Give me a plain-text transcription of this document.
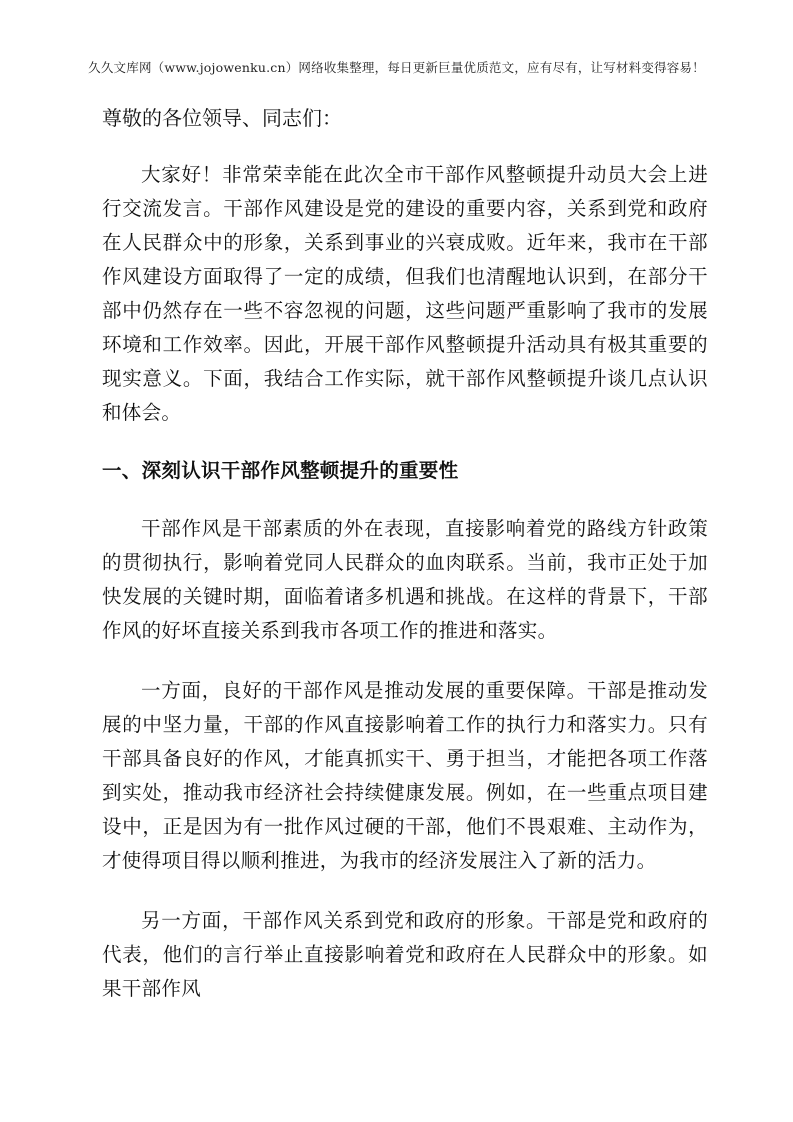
久久文库网（www.jojowenku.cn）网络收集整理，每日更新巨量优质范文，应有尽有，让写材料变得容易！

尊敬的各位领导、同志们：

大家好！非常荣幸能在此次全市干部作风整顿提升动员大会上进行交流发言。干部作风建设是党的建设的重要内容，关系到党和政府在人民群众中的形象，关系到事业的兴衰成败。近年来，我市在干部作风建设方面取得了一定的成绩，但我们也清醒地认识到，在部分干部中仍然存在一些不容忽视的问题，这些问题严重影响了我市的发展环境和工作效率。因此，开展干部作风整顿提升活动具有极其重要的现实意义。下面，我结合工作实际，就干部作风整顿提升谈几点认识和体会。

一、深刻认识干部作风整顿提升的重要性

干部作风是干部素质的外在表现，直接影响着党的路线方针政策的贯彻执行，影响着党同人民群众的血肉联系。当前，我市正处于加快发展的关键时期，面临着诸多机遇和挑战。在这样的背景下，干部作风的好坏直接关系到我市各项工作的推进和落实。

一方面，良好的干部作风是推动发展的重要保障。干部是推动发展的中坚力量，干部的作风直接影响着工作的执行力和落实力。只有干部具备良好的作风，才能真抓实干、勇于担当，才能把各项工作落到实处，推动我市经济社会持续健康发展。例如，在一些重点项目建设中，正是因为有一批作风过硬的干部，他们不畏艰难、主动作为，才使得项目得以顺利推进，为我市的经济发展注入了新的活力。

另一方面，干部作风关系到党和政府的形象。干部是党和政府的代表，他们的言行举止直接影响着党和政府在人民群众中的形象。如果干部作风
